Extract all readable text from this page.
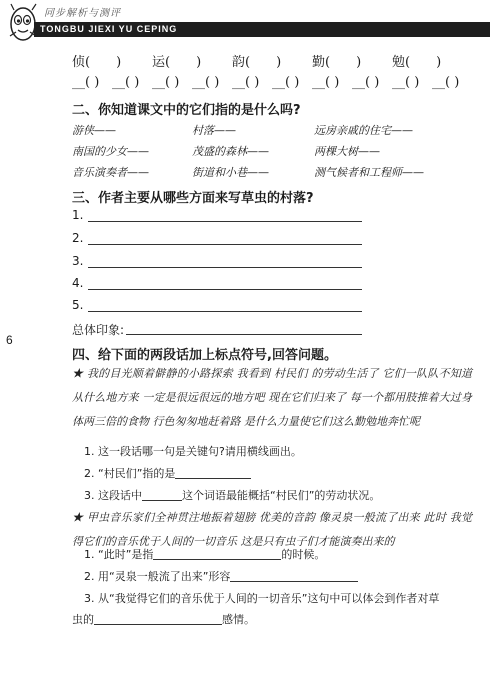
同步解析与测评
TONGBU JIEXI YU CEPING
6
侦(　　) 运(　　) 韵(　　) 勤(　　) 勉(　　)
__( ) __( ) __( ) __( ) __( ) __( ) __( ) __( ) __( ) __( )
二、你知道课文中的它们指的是什么吗?
游侠——	村落——	远房亲戚的住宅——
南国的少女——	茂盛的森林——	两棵大树——
音乐演奏者——	街道和小巷——	测气候者和工程师——
三、作者主要从哪些方面来写草虫的村落?
1.
2.
3.
4.
5.
总体印象:
四、给下面的两段话加上标点符号,回答问题。
★ 我的目光顺着僻静的小路探索 我看到 村民们 的劳动生活了 它们一队队不知道从什么地方来 一定是很远很远的地方吧 现在它们归来了 每一个都用肢推着大过身体两三倍的食物 行色匆匆地赶着路 是什么力量使它们这么勤勉地奔忙呢
1. 这一段话哪一句是关键句?请用横线画出。
2. “村民们”指的是
3. 这段话中	这个词语最能概括“村民们”的劳动状况。
★ 甲虫音乐家们全神贯注地振着翅膀 优美的音韵 像灵泉一般流了出来 此时 我觉得它们的音乐优于人间的一切音乐 这是只有虫子们才能演奏出来的
1. “此时”是指	的时候。
2. 用“灵泉一般流了出来”形容
3. 从“我觉得它们的音乐优于人间的一切音乐”这句中可以体会到作者对草
虫的	感情。
